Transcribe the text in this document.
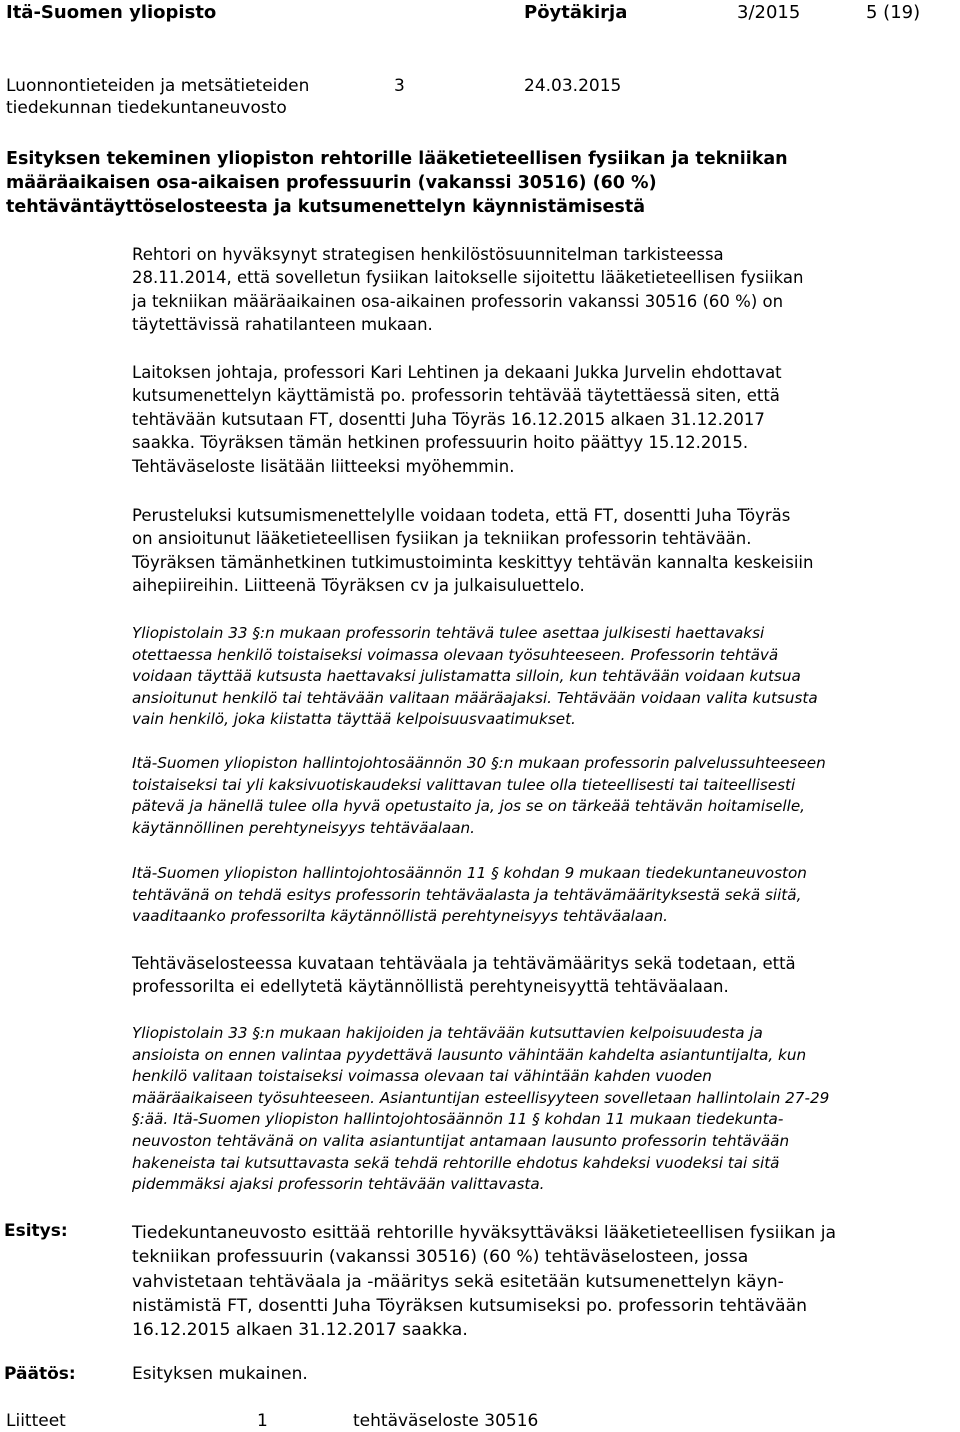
Itä-Suomen yliopisto	Pöytäkirja	3/2015	5 (19)
Luonnontieteiden ja metsätieteiden
tiedekunnan tiedekuntaneuvosto
3	24.03.2015
Esityksen tekeminen yliopiston rehtorille lääketieteellisen fysiikan ja tekniikan
määräaikaisen osa-aikaisen professuurin (vakanssi 30516) (60 %)
tehtäväntäyttöselosteesta ja kutsumenettelyn käynnistämisestä
Rehtori on hyväksynyt strategisen henkilöstösuunnitelman tarkisteessa
28.11.2014, että sovelletun fysiikan laitokselle sijoitettu lääketieteellisen fysiikan
ja tekniikan määräaikainen osa-aikainen professorin vakanssi 30516 (60 %) on
täytettävissä rahatilanteen mukaan.
Laitoksen johtaja, professori Kari Lehtinen ja dekaani Jukka Jurvelin ehdottavat
kutsumenettelyn käyttämistä po. professorin tehtävää täytettäessä siten, että
tehtävään kutsutaan FT, dosentti Juha Töyräs 16.12.2015 alkaen 31.12.2017
saakka. Töyräksen tämän hetkinen professuurin hoito päättyy 15.12.2015.
Tehtäväseloste lisätään liitteeksi myöhemmin.
Perusteluksi kutsumismenettelylle voidaan todeta, että FT, dosentti Juha Töyräs
on ansioitunut lääketieteellisen fysiikan ja tekniikan professorin tehtävään.
Töyräksen tämänhetkinen tutkimustoiminta keskittyy tehtävän kannalta keskeisiin
aihepiireihin. Liitteenä Töyräksen cv ja julkaisuluettelo.
Yliopistolain 33 §:n mukaan professorin tehtävä tulee asettaa julkisesti haettavaksi
otettaessa henkilö toistaiseksi voimassa olevaan työsuhteeseen. Professorin tehtävä
voidaan täyttää kutsusta haettavaksi julistamatta silloin, kun tehtävään voidaan kutsua
ansioitunut henkilö tai tehtävään valitaan määräajaksi. Tehtävään voidaan valita kutsusta
vain henkilö, joka kiistatta täyttää kelpoisuusvaatimukset.
Itä-Suomen yliopiston hallintojohtosäännön 30 §:n mukaan professorin palvelussuhteeseen
toistaiseksi tai yli kaksivuotiskaudeksi valittavan tulee olla tieteellisesti tai taiteellisesti
pätevä ja hänellä tulee olla hyvä opetustaito ja, jos se on tärkeää tehtävän hoitamiselle,
käytännöllinen perehtyneisyys tehtäväalaan.
Itä-Suomen yliopiston hallintojohtosäännön 11 § kohdan 9 mukaan tiedekuntaneuvoston
tehtävänä on tehdä esitys professorin tehtäväalasta ja tehtävämäärityksestä sekä siitä,
vaaditaanko professorilta käytännöllistä perehtyneisyys tehtäväalaan.
Tehtäväselosteessa kuvataan tehtäväala ja tehtävämääritys sekä todetaan, että
professorilta ei edellytetä käytännöllistä perehtyneisyyttä tehtäväalaan.
Yliopistolain 33 §:n mukaan hakijoiden ja tehtävään kutsuttavien kelpoisuudesta ja
ansioista on ennen valintaa pyydettävä lausunto vähintään kahdelta asiantuntijalta, kun
henkilö valitaan toistaiseksi voimassa olevaan tai vähintään kahden vuoden
määräaikaiseen työsuhteeseen. Asiantuntijan esteellisyyteen sovelletaan hallintolain 27-29
§:ää. Itä-Suomen yliopiston hallintojohtosäännön 11 § kohdan 11 mukaan tiedekunta-
neuvoston tehtävänä on valita asiantuntijat antamaan lausunto professorin tehtävään
hakeneista tai kutsuttavasta sekä tehdä rehtorille ehdotus kahdeksi vuodeksi tai sitä
pidemmäksi ajaksi professorin tehtävään valittavasta.
Esitys:	Tiedekuntaneuvosto esittää rehtorille hyväksyttäväksi lääketieteellisen fysiikan ja
tekniikan professuurin (vakanssi 30516) (60 %) tehtäväselosteen, jossa
vahvistetaan tehtäväala ja -määritys sekä esitetään kutsumenettelyn käyn-
nistämistä FT, dosentti Juha Töyräksen kutsumiseksi po. professorin tehtävään
16.12.2015 alkaen 31.12.2017 saakka.
Päätös:	Esityksen mukainen.
Liitteet	1	tehtäväseloste 30516
